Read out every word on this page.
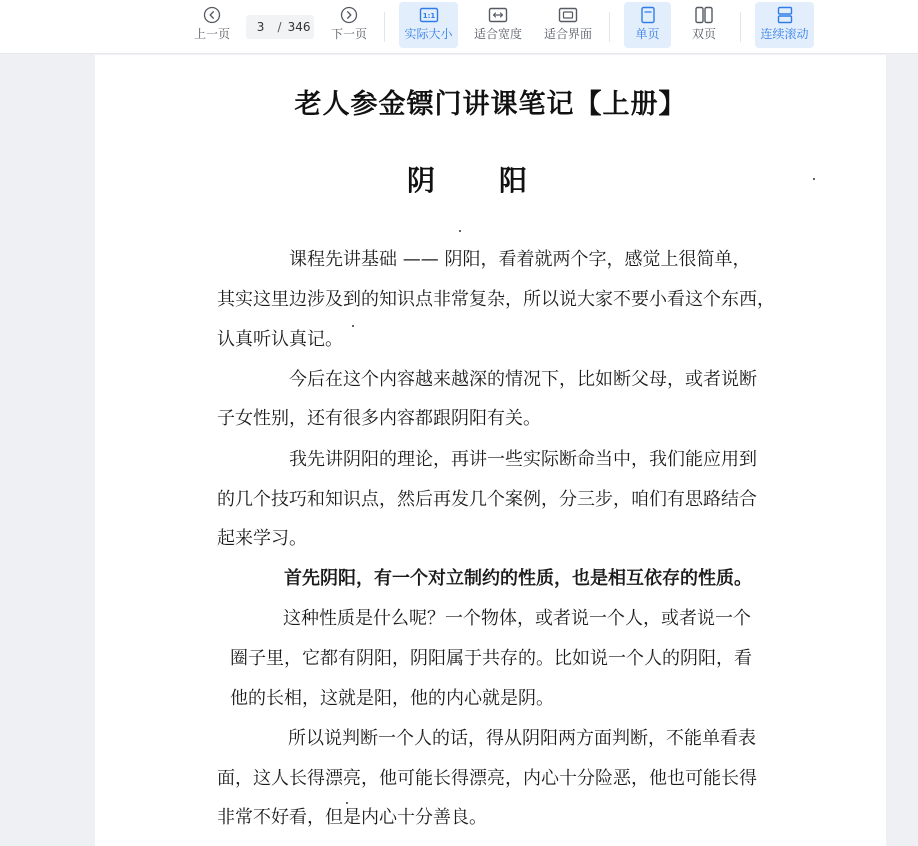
上一页
3	/ 346 下一页
1:1
实际大小 适合宽度 适合界面	单页	双页	连续滚动
老人参金镖门讲课笔记【上册】
阴 阳
课程先讲基础 —— 阴阳，看着就两个字，感觉上很简单，
其实这里边涉及到的知识点非常复杂，所以说大家不要小看这个东西，
认真听认真记。
今后在这个内容越来越深的情况下，比如断父母，或者说断
子女性别，还有很多内容都跟阴阳有关。
我先讲阴阳的理论，再讲一些实际断命当中，我们能应用到
的几个技巧和知识点，然后再发几个案例，分三步，咱们有思路结合
起来学习。
首先阴阳，有一个对立制约的性质，也是相互依存的性质。
这种性质是什么呢？一个物体，或者说一个人，或者说一个
圈子里，它都有阴阳，阴阳属于共存的。比如说一个人的阴阳，看
他的长相，这就是阳，他的内心就是阴。
所以说判断一个人的话，得从阴阳两方面判断，不能单看表
面，这人长得漂亮，他可能长得漂亮，内心十分险恶，他也可能长得
非常不好看，但是内心十分善良。
